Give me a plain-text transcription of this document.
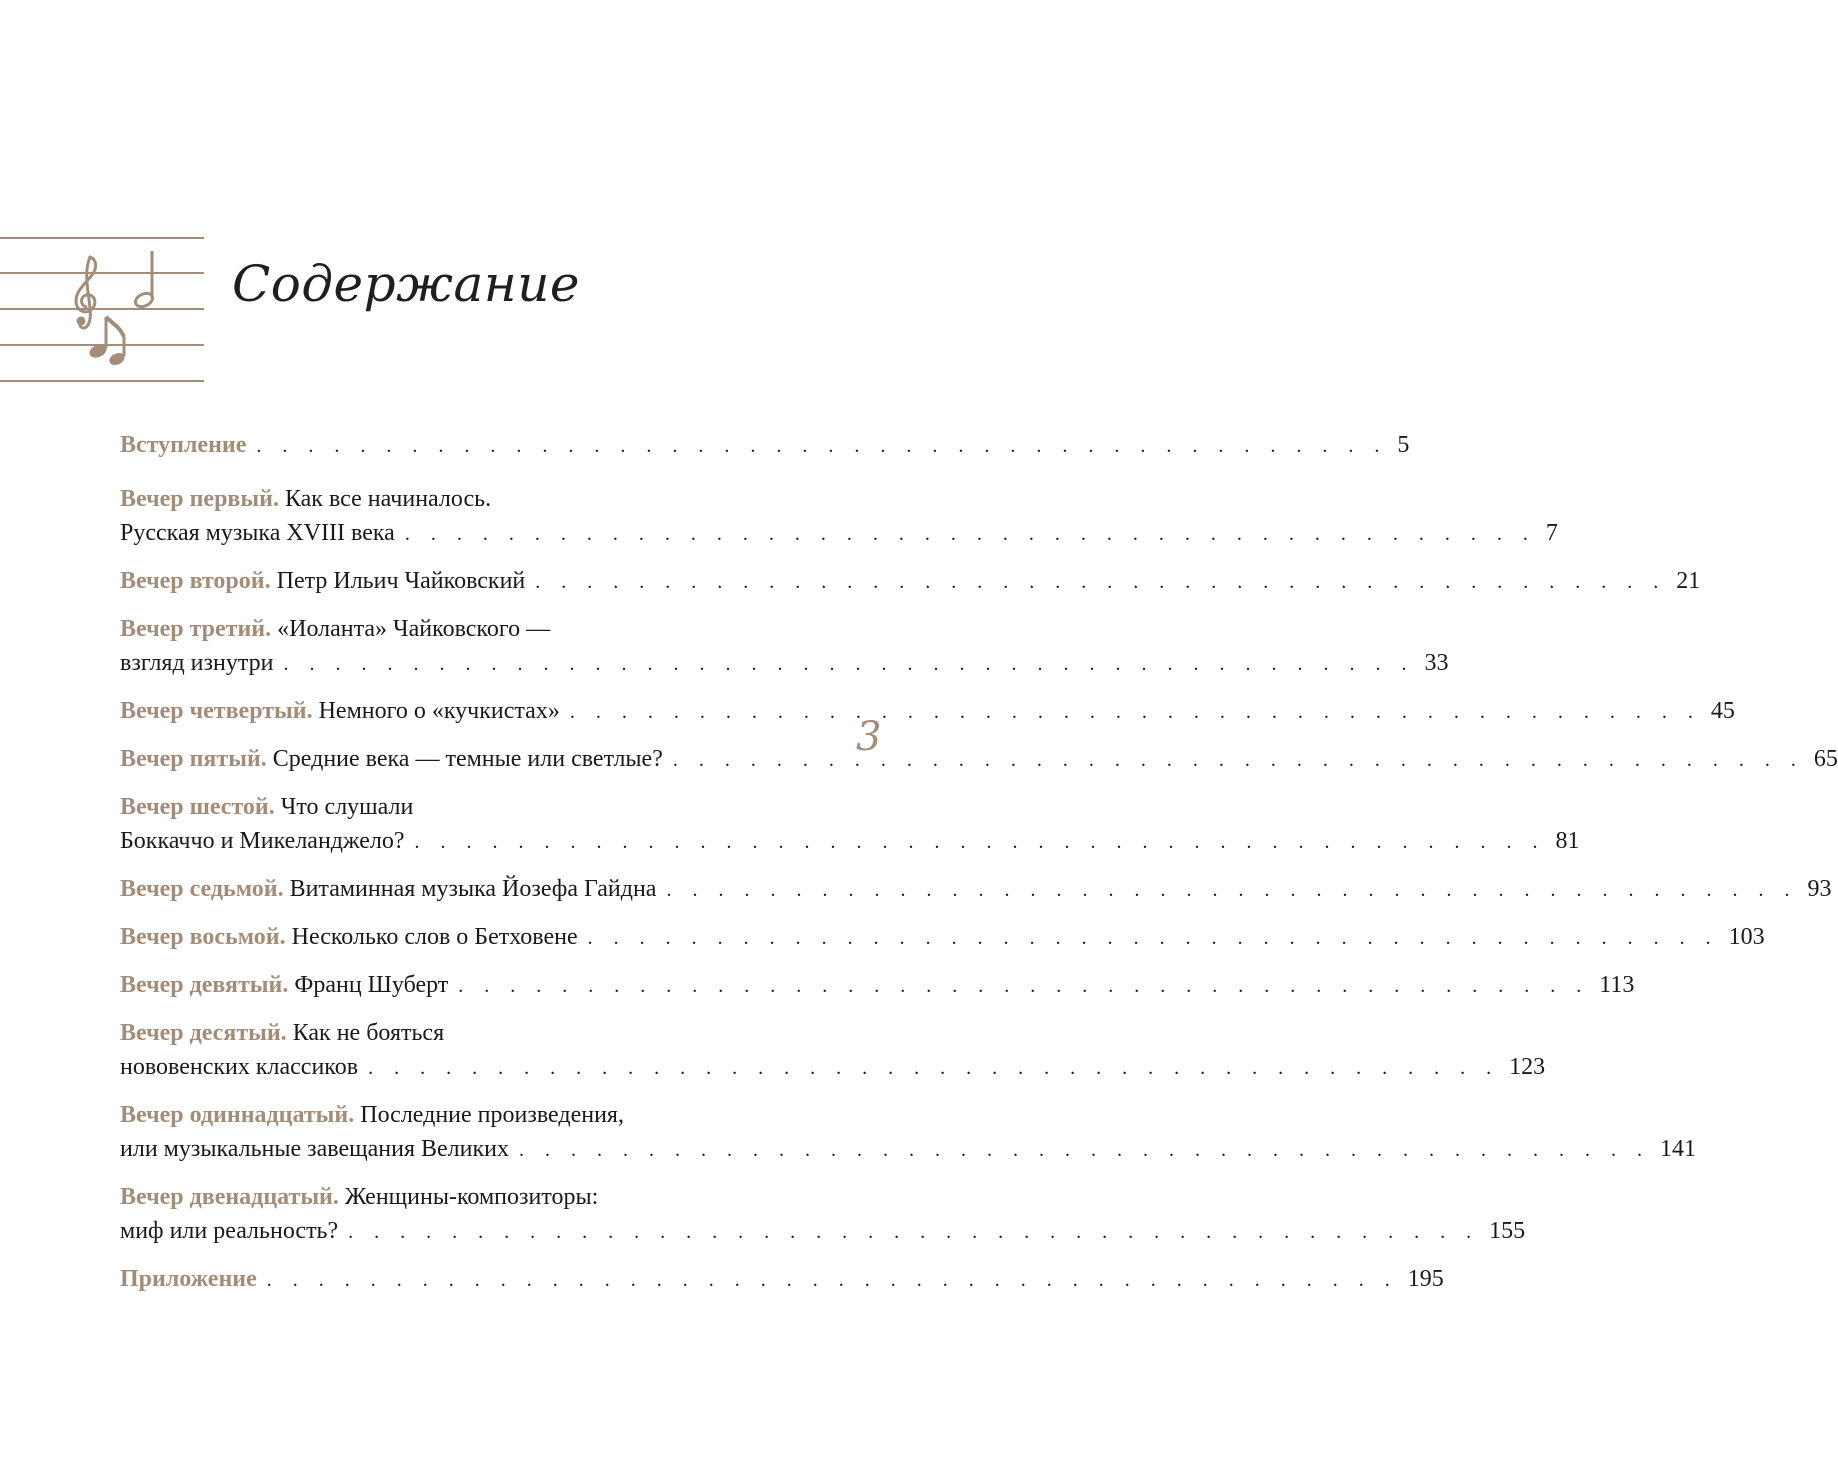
Содержание
3
Вступление . . . . . . . . . . . . . . . . . . . . . . . . . . . . . . . . . . . . . . . . . . . . 5
Вечер первый. Как все начиналось.
Русская музыка XVIII века . . . . . . . . . . . . . . . . . . . . . . . . . . . . . . . . . . . . . . . . . . . . 7
Вечер второй. Петр Ильич Чайковский . . . . . . . . . . . . . . . . . . . . . . . . . . . . . . . . . . . . . . . . . . . . 21
Вечер третий. «Иоланта» Чайковского —
взгляд изнутри . . . . . . . . . . . . . . . . . . . . . . . . . . . . . . . . . . . . . . . . . . . . 33
Вечер четвертый. Немного о «кучкистах» . . . . . . . . . . . . . . . . . . . . . . . . . . . . . . . . . . . . . . . . . . . . 45
Вечер пятый. Средние века — темные или светлые? . . . . . . . . . . . . . . . . . . . . . . . . . . . . . . . . . . . . . . . . . . . . 65
Вечер шестой. Что слушали
Боккаччо и Микеланджело? . . . . . . . . . . . . . . . . . . . . . . . . . . . . . . . . . . . . . . . . . . . . 81
Вечер седьмой. Витаминная музыка Йозефа Гайдна . . . . . . . . . . . . . . . . . . . . . . . . . . . . . . . . . . . . . . . . . . . . 93
Вечер восьмой. Несколько слов о Бетховене . . . . . . . . . . . . . . . . . . . . . . . . . . . . . . . . . . . . . . . . . . . . 103
Вечер девятый. Франц Шуберт . . . . . . . . . . . . . . . . . . . . . . . . . . . . . . . . . . . . . . . . . . . . 113
Вечер десятый. Как не бояться
нововенских классиков . . . . . . . . . . . . . . . . . . . . . . . . . . . . . . . . . . . . . . . . . . . . 123
Вечер одиннадцатый. Последние произведения,
или музыкальные завещания Великих . . . . . . . . . . . . . . . . . . . . . . . . . . . . . . . . . . . . . . . . . . . . 141
Вечер двенадцатый. Женщины-композиторы:
миф или реальность? . . . . . . . . . . . . . . . . . . . . . . . . . . . . . . . . . . . . . . . . . . . . 155
Приложение . . . . . . . . . . . . . . . . . . . . . . . . . . . . . . . . . . . . . . . . . . . . 195
